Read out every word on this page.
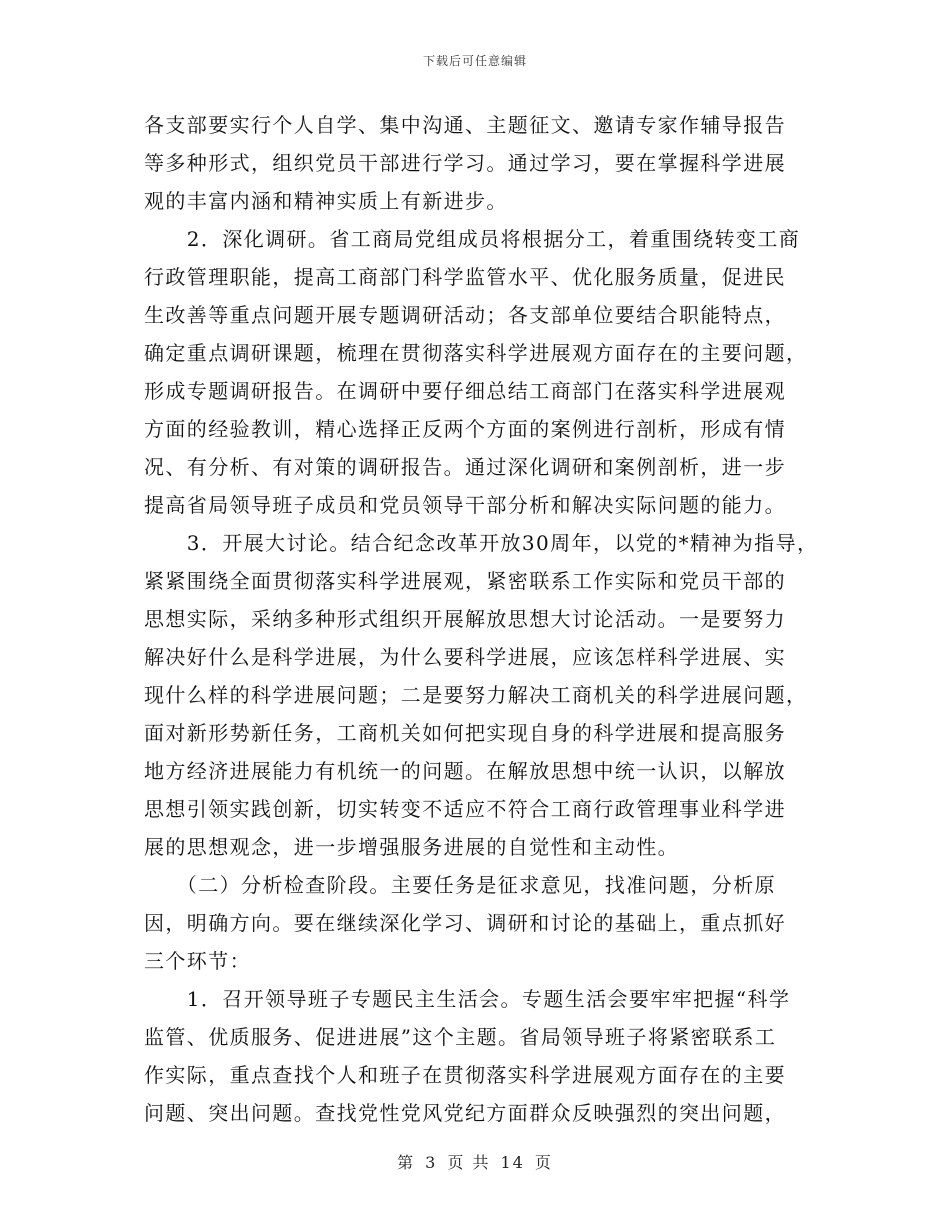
下载后可任意编辑
各支部要实行个人自学、集中沟通、主题征文、邀请专家作辅导报告
等多种形式，组织党员干部进行学习。通过学习，要在掌握科学进展
观的丰富内涵和精神实质上有新进步。
　　2．深化调研。省工商局党组成员将根据分工，着重围绕转变工商
行政管理职能，提高工商部门科学监管水平、优化服务质量，促进民
生改善等重点问题开展专题调研活动；各支部单位要结合职能特点，
确定重点调研课题，梳理在贯彻落实科学进展观方面存在的主要问题，
形成专题调研报告。在调研中要仔细总结工商部门在落实科学进展观
方面的经验教训，精心选择正反两个方面的案例进行剖析，形成有情
况、有分析、有对策的调研报告。通过深化调研和案例剖析，进一步
提高省局领导班子成员和党员领导干部分析和解决实际问题的能力。
　　3．开展大讨论。结合纪念改革开放30周年，以党的*精神为指导，
紧紧围绕全面贯彻落实科学进展观，紧密联系工作实际和党员干部的
思想实际，采纳多种形式组织开展解放思想大讨论活动。一是要努力
解决好什么是科学进展，为什么要科学进展，应该怎样科学进展、实
现什么样的科学进展问题；二是要努力解决工商机关的科学进展问题，
面对新形势新任务，工商机关如何把实现自身的科学进展和提高服务
地方经济进展能力有机统一的问题。在解放思想中统一认识，以解放
思想引领实践创新，切实转变不适应不符合工商行政管理事业科学进
展的思想观念，进一步增强服务进展的自觉性和主动性。
　　（二）分析检查阶段。主要任务是征求意见，找准问题，分析原
因，明确方向。要在继续深化学习、调研和讨论的基础上，重点抓好
三个环节：
　　1．召开领导班子专题民主生活会。专题生活会要牢牢把握“科学
监管、优质服务、促进进展”这个主题。省局领导班子将紧密联系工
作实际，重点查找个人和班子在贯彻落实科学进展观方面存在的主要
问题、突出问题。查找党性党风党纪方面群众反映强烈的突出问题，
第 3 页 共 14 页
